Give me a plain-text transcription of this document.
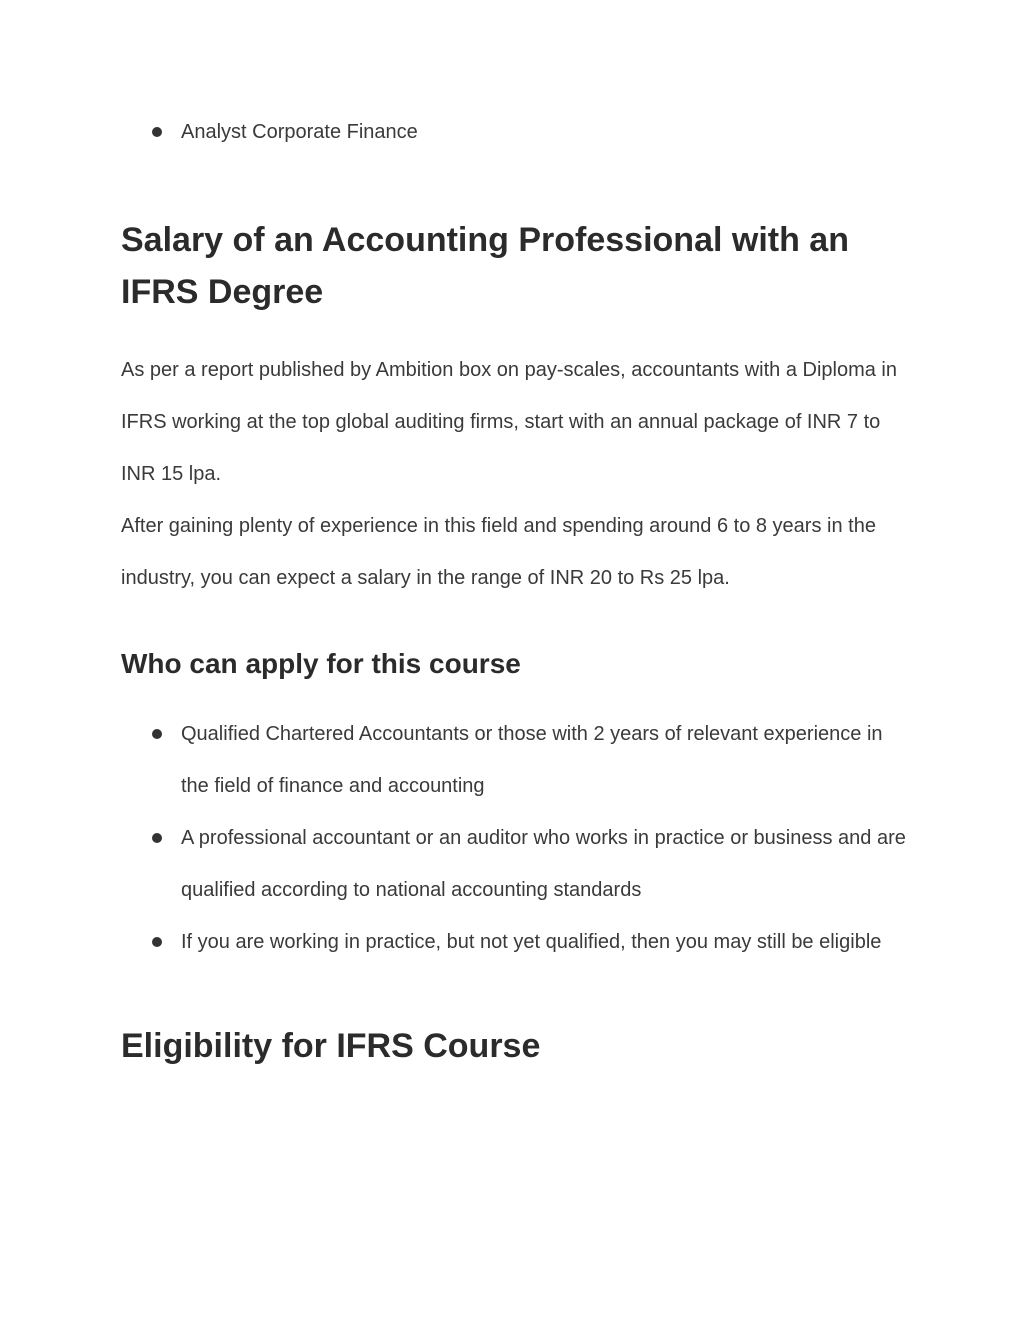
Analyst Corporate Finance
Salary of an Accounting Professional with an IFRS Degree

As per a report published by Ambition box on pay-scales, accountants with a Diploma in IFRS working at the top global auditing firms, start with an annual package of INR 7 to INR 15 lpa.

After gaining plenty of experience in this field and spending around 6 to 8 years in the industry, you can expect a salary in the range of INR 20 to Rs 25 lpa.

Who can apply for this course
Qualified Chartered Accountants or those with 2 years of relevant experience in the field of finance and accounting
A professional accountant or an auditor who works in practice or business and are qualified according to national accounting standards
If you are working in practice, but not yet qualified, then you may still be eligible
Eligibility for IFRS Course
